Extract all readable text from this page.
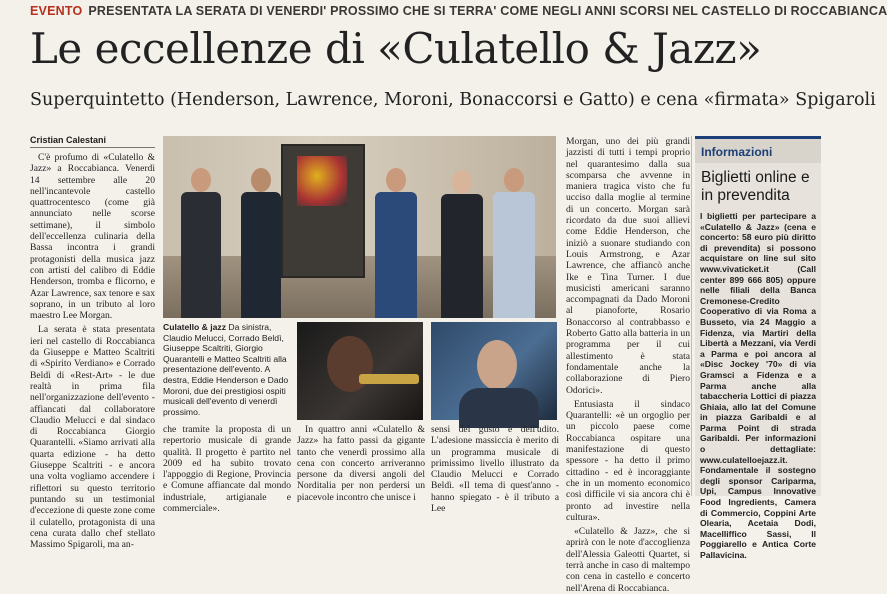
EVENTO PRESENTATA LA SERATA DI VENERDI' PROSSIMO CHE SI TERRA' COME NEGLI ANNI SCORSI NEL CASTELLO DI ROCCABIANCA
Le eccellenze di «Culatello & Jazz»
Superquintetto (Henderson, Lawrence, Moroni, Bonaccorsi e Gatto) e cena «firmata» Spigaroli
Cristian Calestani

C'è profumo di «Culatello & Jazz» a Roccabianca. Venerdì 14 settembre alle 20 nell'incantevole castello quattrocentesco (come già annunciato nelle scorse settimane), il simbolo dell'eccellenza culinaria della Bassa incontra i grandi protagonisti della musica jazz con artisti del calibro di Eddie Henderson, tromba e flicorno, e Azar Lawrence, sax tenore e sax soprano, in un tributo al loro maestro Lee Morgan.

La serata è stata presentata ieri nel castello di Roccabianca da Giuseppe e Matteo Scaltriti di «Spirito Verdiano» e Corrado Beldì di «Rest-Art» - le due realtà in prima fila nell'organizzazione dell'evento - affiancati dal collaboratore Claudio Melucci e dal sindaco di Roccabianca Giorgio Quarantelli. «Siamo arrivati alla quarta edizione - ha detto Giuseppe Scaltriti - e ancora una volta vogliamo accendere i riflettori su questo territorio puntando su un testimonial d'eccezione di queste zone come il culatello, protagonista di una cena curata dallo chef stellato Massimo Spigaroli, ma an-

Culatello & jazz Da sinistra, Claudio Melucci, Corrado Beldì, Giuseppe Scaltriti, Giorgio Quarantelli e Matteo Scaltriti alla presentazione dell'evento. A destra, Eddie Henderson e Dado Moroni, due dei prestigiosi ospiti musicali dell'evento di venerdì prossimo.

che tramite la proposta di un repertorio musicale di grande qualità. Il progetto è partito nel 2009 ed ha subito trovato l'appoggio di Regione, Provincia e Comune affiancate dal mondo industriale, artigianale e commerciale».

In quattro anni «Culatello & Jazz» ha fatto passi da gigante tanto che venerdì prossimo alla cena con concerto arriveranno persone da diversi angoli del Norditalia per non perdersi un piacevole incontro che unisce i

sensi del gusto e dell'udito. L'adesione massiccia è merito di un programma musicale di primissimo livello illustrato da Claudio Melucci e Corrado Beldì. «Il tema di quest'anno - hanno spiegato - è il tributo a Lee

Morgan, uno dei più grandi jazzisti di tutti i tempi proprio nel quarantesimo dalla sua scomparsa che avvenne in maniera tragica visto che fu ucciso dalla moglie al termine di un concerto. Morgan sarà ricordato da due suoi allievi come Eddie Henderson, che iniziò a suonare studiando con Louis Armstrong, e Azar Lawrence, che affiancò anche Ike e Tina Turner. I due musicisti americani saranno accompagnati da Dado Moroni al pianoforte, Rosario Bonaccorso al contrabbasso e Roberto Gatto alla batteria in un programma per il cui allestimento è stata fondamentale anche la collaborazione di Piero Odorici».

Entusiasta il sindaco Quarantelli: «è un orgoglio per un piccolo paese come Roccabianca ospitare una manifestazione di questo spessore - ha detto il primo cittadino - ed è incoraggiante che in un momento economico così difficile vi sia ancora chi è pronto ad investire nella cultura».

«Culatello & Jazz», che si aprirà con le note d'accoglienza dell'Alessia Galeotti Quartet, si terrà anche in caso di maltempo con cena in castello e concerto nell'Arena di Roccabianca.

Informazioni
Biglietti online e in prevendita
I biglietti per partecipare a «Culatello & Jazz» (cena e concerto: 58 euro più diritto di prevendita) si possono acquistare on line sul sito www.vivaticket.it (Call center 899 666 805) oppure nelle filiali della Banca Cremonese-Credito Cooperativo di via Roma a Busseto, via 24 Maggio a Fidenza, via Martiri della Libertà a Mezzani, via Verdi a Parma e poi ancora al «Disc Jockey '70» di via Gramsci a Fidenza e a Parma anche alla tabaccheria Lottici di piazza Ghiaia, allo Iat del Comune in piazza Garibaldi e al Parma Point di strada Garibaldi. Per informazioni o dettagliate: www.culatelloejazz.it. Fondamentale il sostegno degli sponsor Cariparma, Upi, Campus Innovative Food Ingredients, Camera di Commercio, Coppini Arte Olearia, Acetaia Dodi, Macelliffico Sassi, Il Poggiarello e Antica Corte Pallavicina.
